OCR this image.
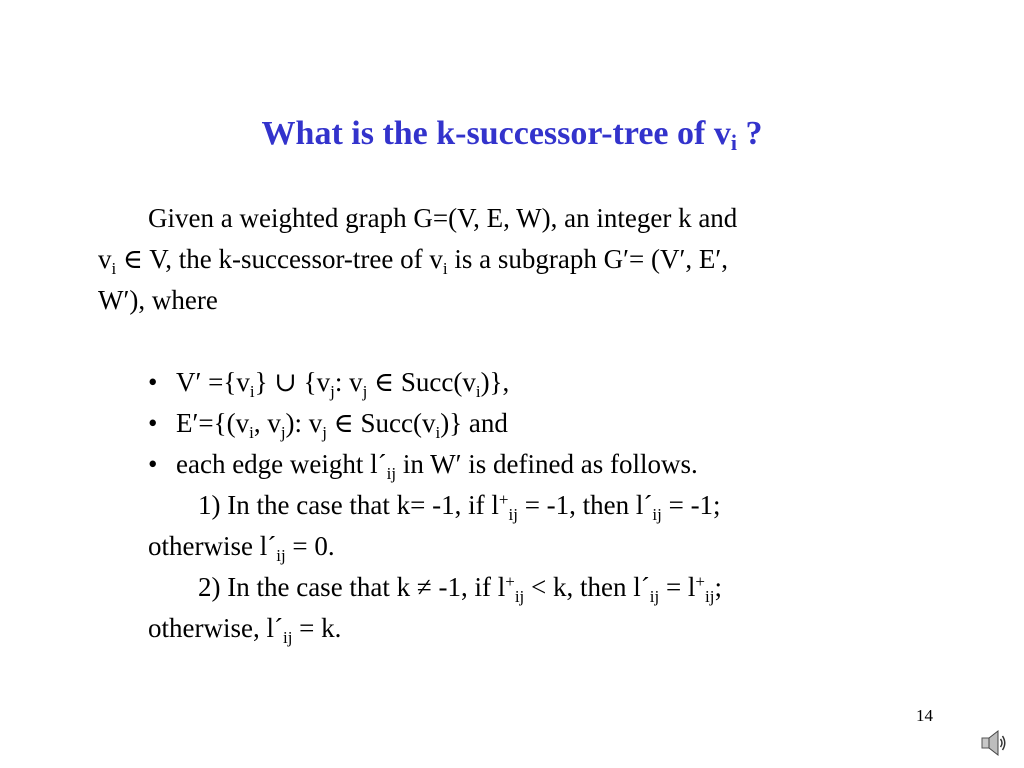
What is the k-successor-tree of $v_i$ ?
Given a weighted graph G=(V, E, W), an integer k and
$v_i$ ∈ V, the k-successor-tree of $v_i$ is a subgraph G′= (V′, E′,
W′), where
• $V' =\{v_i\}$ ∪ {$v_j$: $v_j$ ∈ $Succ(v_i)$},
• $E'=\{(v_i$, $v_j$): $v_j$ ∈ $Succ(v_i)$} and
• each edge weight $l´_{ij}$ in W′ is defined as follows.
1) In the case that k= -1, if $l^+_{ij} = -1$, then $l´_{ij} = -1$;
otherwise $l´_{ij} = 0$.
2) In the case that k ≠ -1, if $l^+_{ij} < k$, then $l´_{ij} = l^+_{ij}$;
otherwise, $l´_{ij} = k$.
14
